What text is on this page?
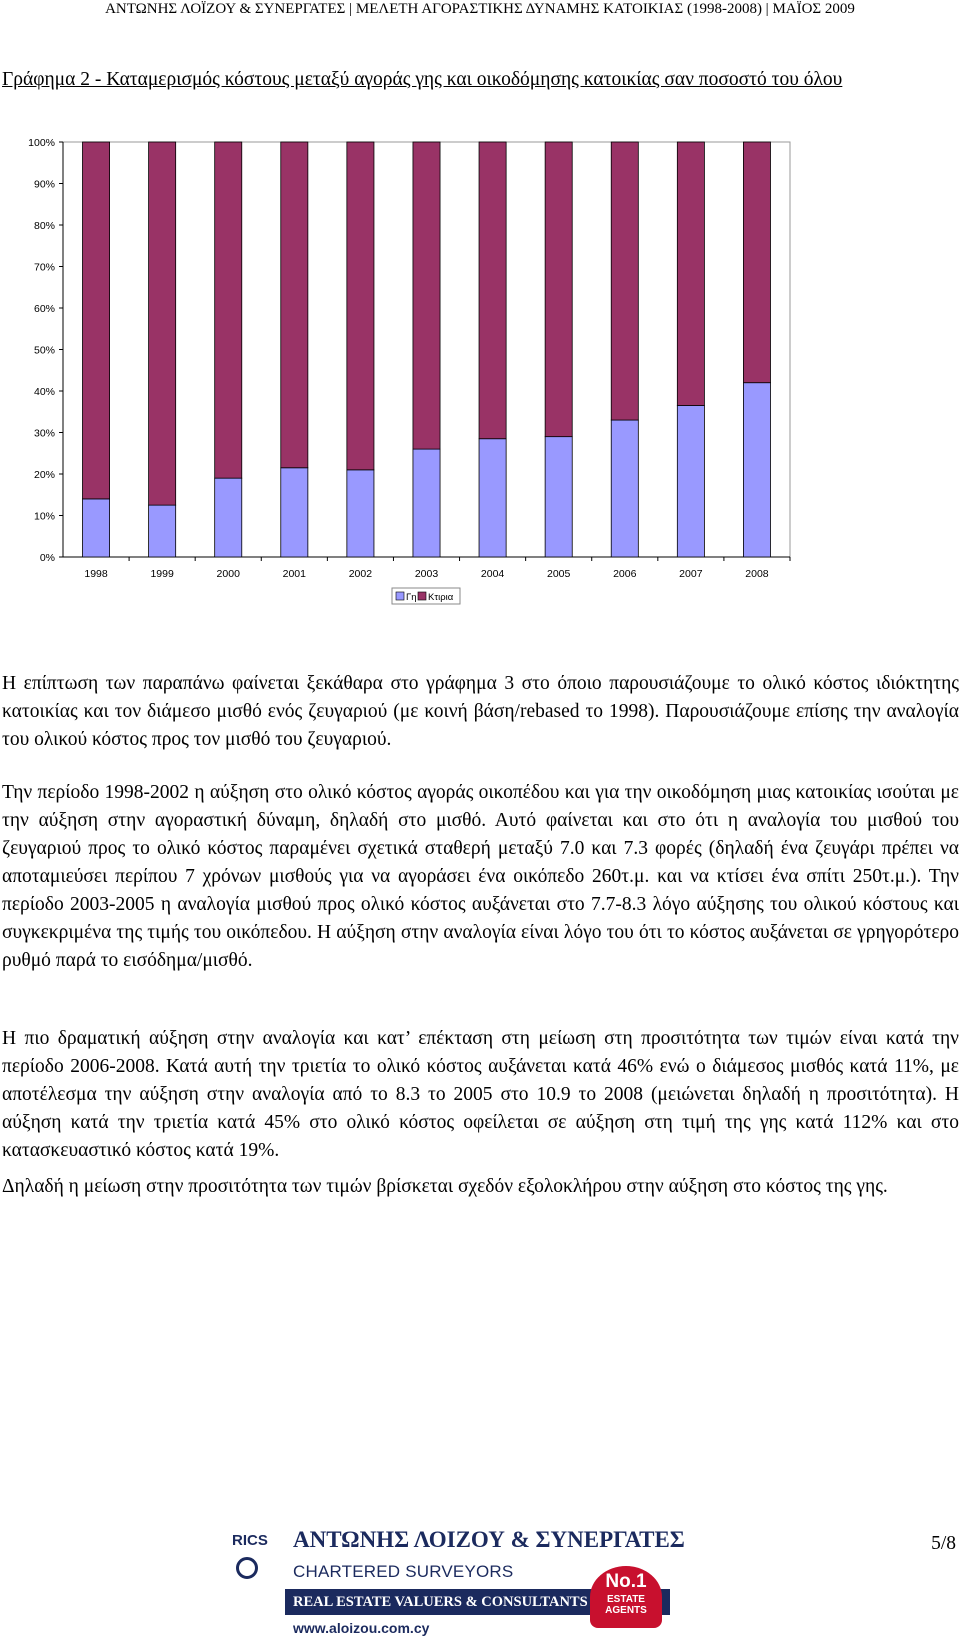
ΑΝΤΩΝΗΣ ΛΟΪΖΟΥ & ΣΥΝΕΡΓΑΤΕΣ | ΜΕΛΕΤΗ ΑΓΟΡΑΣΤΙΚΗΣ ΔΥΝΑΜΗΣ ΚΑΤΟΙΚΙΑΣ (1998-2008) | ΜΑΪΟΣ 2009
Γράφημα 2 - Καταμερισμός κόστους μεταξύ αγοράς γης και οικοδόμησης κατοικίας σαν ποσοστό του όλου
0%
10%
20%
30%
40%
50%
60%
70%
80%
90%
100%
1998	1999	2000	2001	2002	2003	2004	2005	2006	2007	2008
Γη Κτιρια
Η επίπτωση των παραπάνω φαίνεται ξεκάθαρα στο γράφημα 3 στο όποιο παρουσιάζουμε το ολικό κόστος ιδιόκτητης κατοικίας και τον διάμεσο μισθό ενός ζευγαριού (με κοινή βάση/rebased το 1998). Παρουσιάζουμε επίσης την αναλογία του ολικού κόστος προς τον μισθό του ζευγαριού.
Την περίοδο 1998-2002 η αύξηση στο ολικό κόστος αγοράς οικοπέδου και για την οικοδόμηση μιας κατοικίας ισούται με την αύξηση στην αγοραστική δύναμη, δηλαδή στο μισθό. Αυτό φαίνεται και στο ότι η αναλογία του μισθού του ζευγαριού προς το ολικό κόστος παραμένει σχετικά σταθερή μεταξύ 7.0 και 7.3 φορές (δηλαδή ένα ζευγάρι πρέπει να αποταμιεύσει περίπου 7 χρόνων μισθούς για να αγοράσει ένα οικόπεδο 260τ.μ. και να κτίσει ένα σπίτι 250τ.μ.). Την περίοδο 2003-2005 η αναλογία μισθού προς ολικό κόστος αυξάνεται στο 7.7-8.3 λόγο αύξησης του ολικού κόστους και συγκεκριμένα της τιμής του οικόπεδου. Η αύξηση στην αναλογία είναι λόγο του ότι το κόστος αυξάνεται σε γρηγορότερο ρυθμό παρά το εισόδημα/μισθό.
Η πιο δραματική αύξηση στην αναλογία και κατ’ επέκταση στη μείωση στη προσιτότητα των τιμών είναι κατά την περίοδο 2006-2008. Κατά αυτή την τριετία το ολικό κόστος αυξάνεται κατά 46% ενώ ο διάμεσος μισθός κατά 11%, με αποτέλεσμα την αύξηση στην αναλογία από το 8.3 το 2005 στο 10.9 το 2008 (μειώνεται δηλαδή η προσιτότητα). Η αύξηση κατά την τριετία κατά 45% στο ολικό κόστος οφείλεται σε αύξηση στη τιμή της γης κατά 112% και στο κατασκευαστικό κόστος κατά 19%.
Δηλαδή η μείωση στην προσιτότητα των τιμών βρίσκεται σχεδόν εξολοκλήρου στην αύξηση στο κόστος της γης.
RICS ΑΝΤΩΝΗΣ ΛΟΙΖΟΥ & ΣΥΝΕΡΓΑΤΕΣ
CHARTERED SURVEYORS
REAL ESTATE VALUERS & CONSULTANTS
www.aloizou.com.cy
No.1
ESTATE
AGENTS
5/8
